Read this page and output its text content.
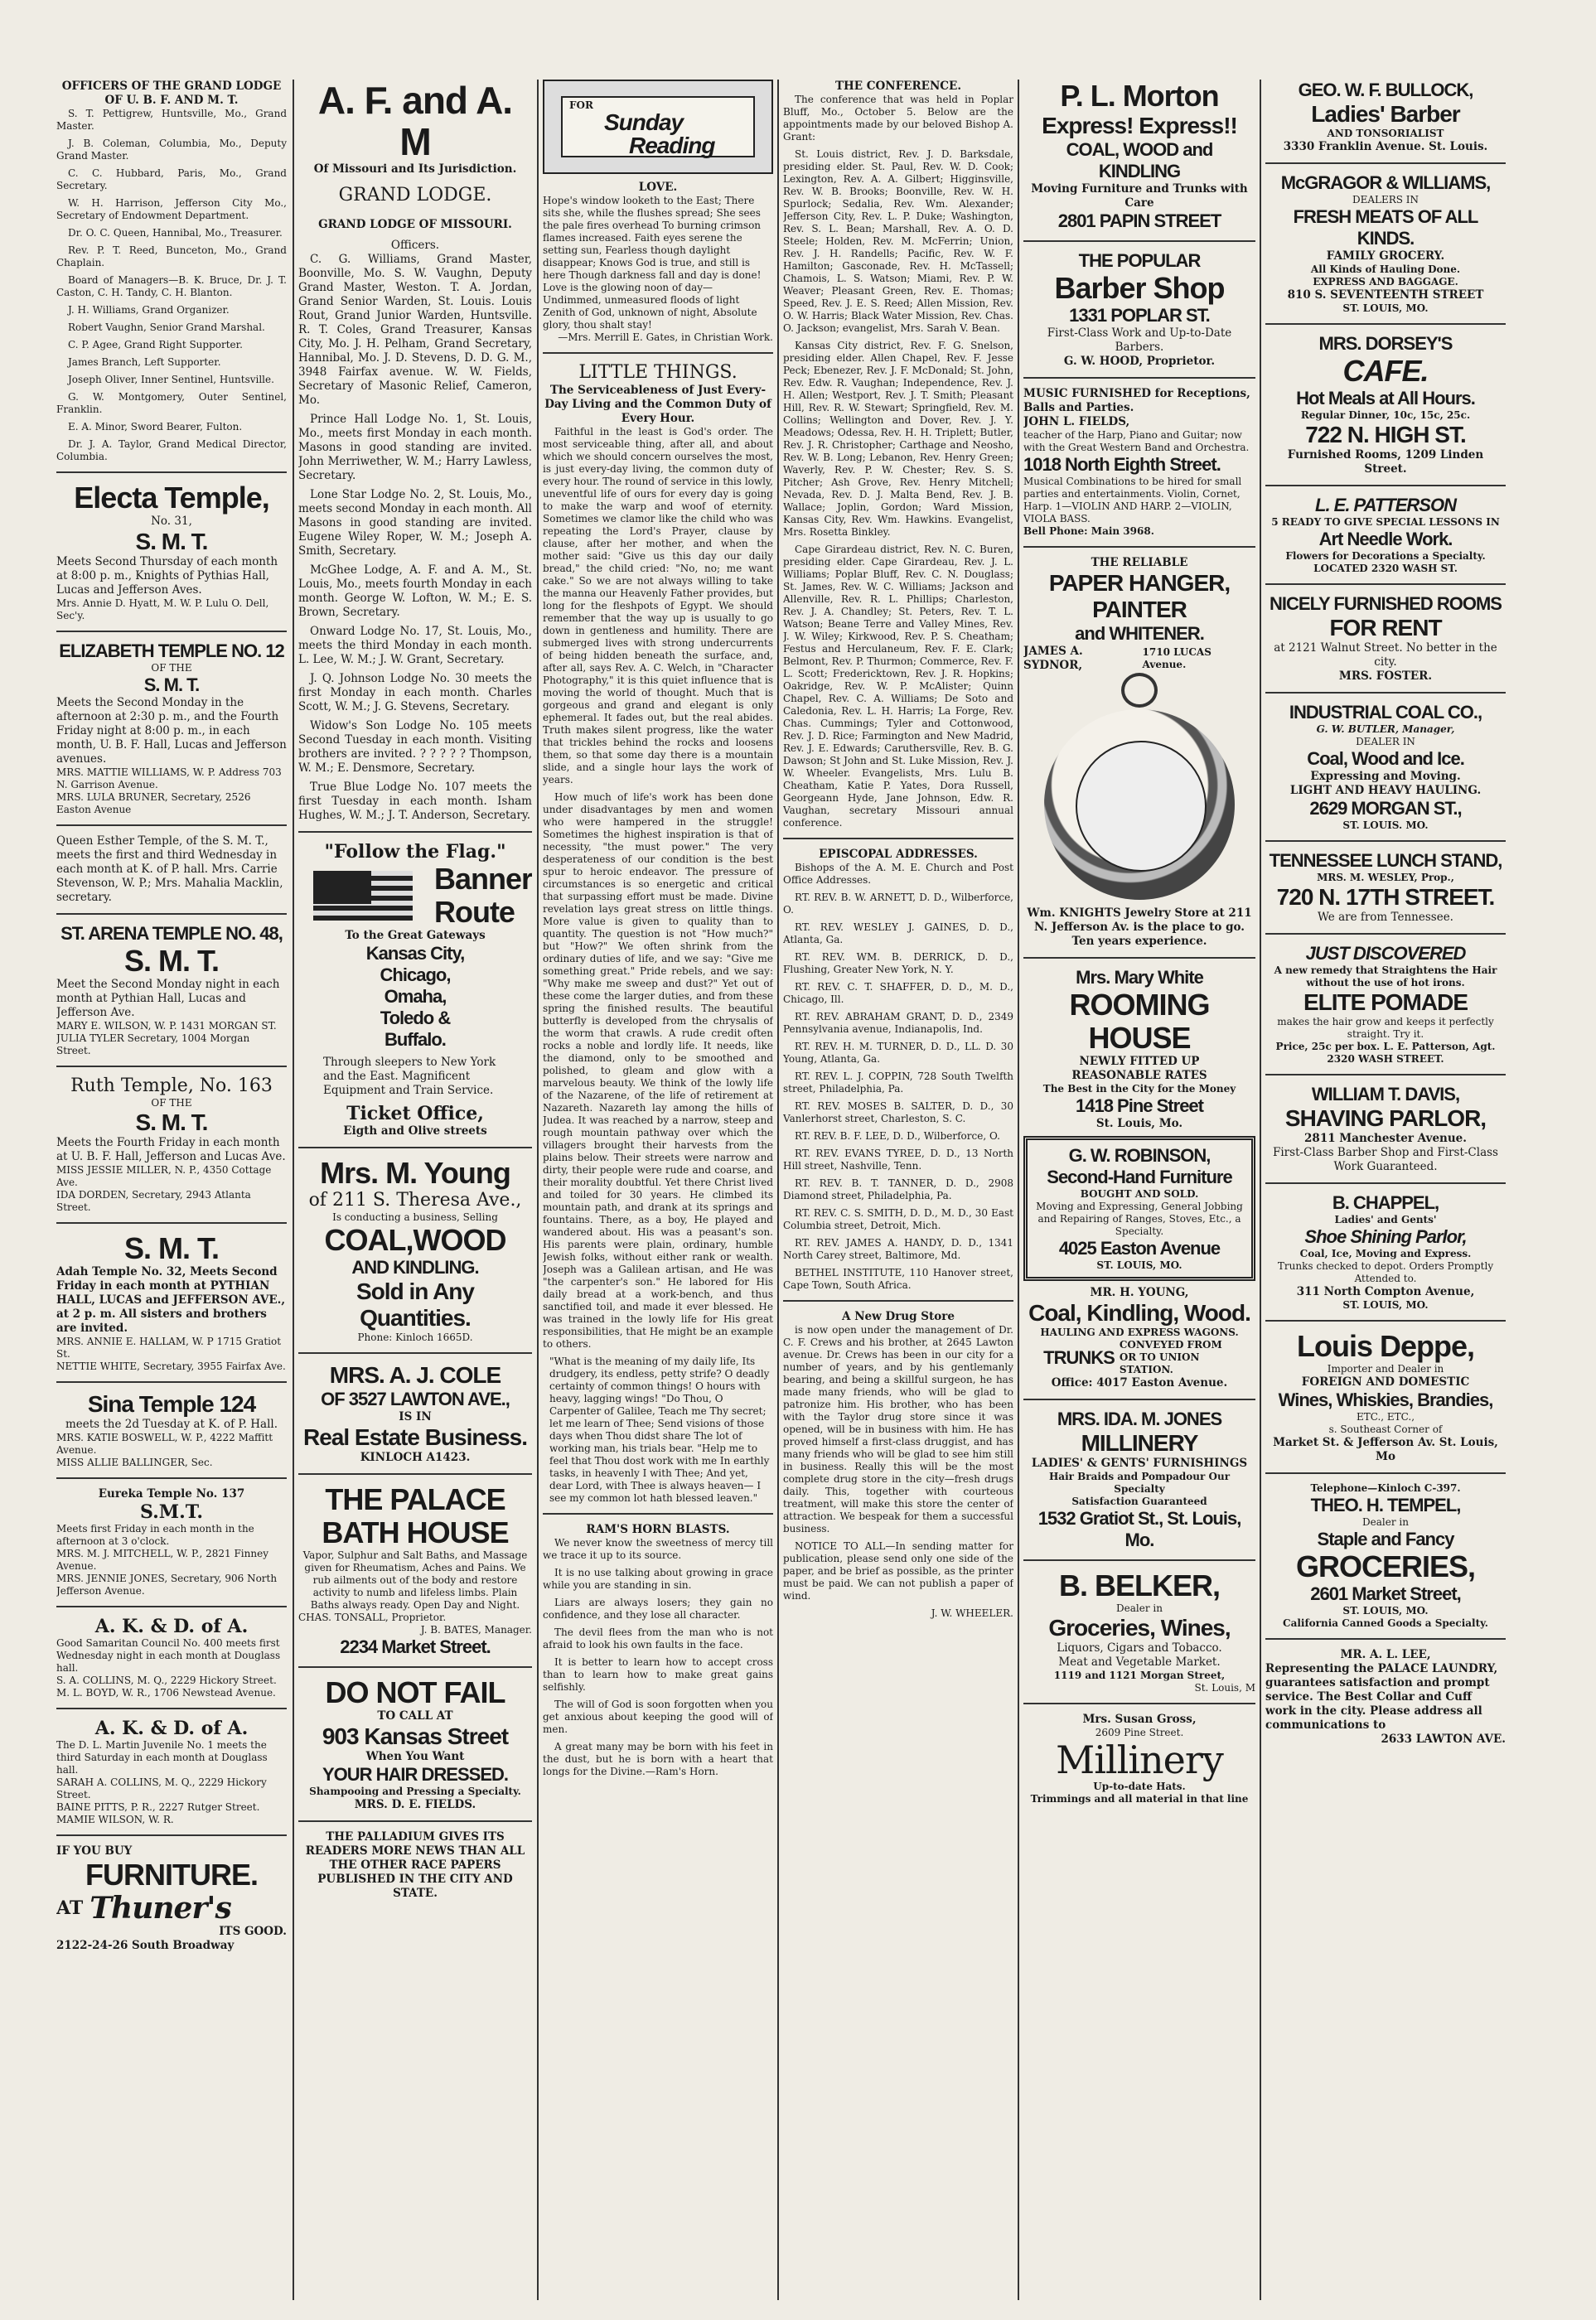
OFFICERS OF THE GRAND LODGE OF U. B. F. AND M. T.
S. T. Pettigrew, Huntsville, Mo., Grand Master.
J. B. Coleman, Columbia, Mo., Deputy Grand Master.
C. C. Hubbard, Paris, Mo., Grand Secretary.
W. H. Harrison, Jefferson City Mo., Secretary of Endowment Department.
Dr. O. C. Queen, Hannibal, Mo., Treasurer.
Rev. P. T. Reed, Bunceton, Mo., Grand Chaplain.
Board of Managers—B. K. Bruce, Dr. J. T. Caston, C. H. Tandy, C. H. Blanton.
J. H. Williams, Grand Organizer.
Robert Vaughn, Senior Grand Marshal.
C. P. Agee, Grand Right Supporter.
James Branch, Left Supporter.
Joseph Oliver, Inner Sentinel, Huntsville.
G. W. Montgomery, Outer Sentinel, Franklin.
E. A. Minor, Sword Bearer, Fulton.
Dr. J. A. Taylor, Grand Medical Director, Columbia.
Electa Temple,
No. 31,
S. M. T.
Meets Second Thursday of each month at 8:00 p. m., Knights of Pythias Hall, Lucas and Jefferson Aves.
Mrs. Annie D. Hyatt, M. W. P. Lulu O. Dell, Sec'y.
ELIZABETH TEMPLE NO. 12
OF THE
S. M. T.
Meets the Second Monday in the afternoon at 2:30 p. m., and the Fourth Friday night at 8:00 p. m., in each month, U. B. F. Hall, Lucas and Jefferson avenues.
MRS. MATTIE WILLIAMS, W. P. Address 703 N. Garrison Avenue.
MRS. LULA BRUNER, Secretary, 2526 Easton Avenue
Queen Esther Temple, of the S. M. T., meets the first and third Wednesday in each month at K. of P. hall. Mrs. Carrie Stevenson, W. P.; Mrs. Mahalia Macklin, secretary.
ST. ARENA TEMPLE NO. 48,
S. M. T.
Meet the Second Monday night in each month at Pythian Hall, Lucas and Jefferson Ave.
MARY E. WILSON, W. P. 1431 MORGAN ST.
JULIA TYLER Secretary, 1004 Morgan Street.
Ruth Temple, No. 163
OF THE
S. M. T.
Meets the Fourth Friday in each month at U. B. F. Hall, Jefferson and Lucas Ave.
MISS JESSIE MILLER, N. P., 4350 Cottage Ave.
IDA DORDEN, Secretary, 2943 Atlanta Street.
S. M. T.
Adah Temple No. 32, Meets Second Friday in each month at PYTHIAN HALL, LUCAS and JEFFERSON AVE., at 2 p. m. All sisters and brothers are invited.
MRS. ANNIE E. HALLAM, W. P 1715 Gratiot St.
NETTIE WHITE, Secretary, 3955 Fairfax Ave.
Sina Temple 124
meets the 2d Tuesday at K. of P. Hall.
MRS. KATIE BOSWELL, W. P., 4222 Maffitt Avenue.
MISS ALLIE BALLINGER, Sec.
Eureka Temple No. 137
S.M.T.
Meets first Friday in each month in the afternoon at 3 o'clock.
MRS. M. J. MITCHELL, W. P., 2821 Finney Avenue.
MRS. JENNIE JONES, Secretary, 906 North Jefferson Avenue.
A. K. & D. of A.
Good Samaritan Council No. 400 meets first Wednesday night in each month at Douglass hall.
S. A. COLLINS, M. Q., 2229 Hickory Street.
M. L. BOYD, W. R., 1706 Newstead Avenue.
A. K. & D. of A.
The D. L. Martin Juvenile No. 1 meets the third Saturday in each month at Douglass hall.
SARAH A. COLLINS, M. Q., 2229 Hickory Street.
BAINE PITTS, P. R., 2227 Rutger Street.
MAMIE WILSON, W. R.
IF YOU BUY
FURNITURE.
AT Thuner's
ITS GOOD.
2122-24-26 South Broadway
A. F. and A. M
Of Missouri and Its Jurisdiction.
GRAND LODGE.
GRAND LODGE OF MISSOURI.
Officers.
C. G. Williams, Grand Master, Boonville, Mo. S. W. Vaughn, Deputy Grand Master, Weston. T. A. Jordan, Grand Senior Warden, St. Louis. Louis Rout, Grand Junior Warden, Huntsville. R. T. Coles, Grand Treasurer, Kansas City, Mo. J. H. Pelham, Grand Secretary, Hannibal, Mo. J. D. Stevens, D. D. G. M., 3948 Fairfax avenue. W. W. Fields, Secretary of Masonic Relief, Cameron, Mo.
Prince Hall Lodge No. 1, St. Louis, Mo., meets first Monday in each month. Masons in good standing are invited. John Merriwether, W. M.; Harry Lawless, Secretary.
Lone Star Lodge No. 2, St. Louis, Mo., meets second Monday in each month. All Masons in good standing are invited. Eugene Wiley Roper, W. M.; Joseph A. Smith, Secretary.
McGhee Lodge, A. F. and A. M., St. Louis, Mo., meets fourth Monday in each month. George W. Lofton, W. M.; E. S. Brown, Secretary.
Onward Lodge No. 17, St. Louis, Mo., meets the third Monday in each month. L. Lee, W. M.; J. W. Grant, Secretary.
J. Q. Johnson Lodge No. 30 meets the first Monday in each month. Charles Scott, W. M.; J. G. Stevens, Secretary.
Widow's Son Lodge No. 105 meets Second Tuesday in each month. Visiting brothers are invited. ? ? ? ? ? Thompson, W. M.; E. Densmore, Secretary.
True Blue Lodge No. 107 meets the first Tuesday in each month. Isham Hughes, W. M.; J. T. Anderson, Secretary.
"Follow the Flag."
Banner
Route
To the Great Gateways
Kansas City,
Chicago,
Omaha,
Toledo &
Buffalo.
Through sleepers to New York and the East. Magnificent Equipment and Train Service.
Ticket Office,
Eigth and Olive streets
Mrs. M. Young
of 211 S. Theresa Ave.,
Is conducting a business, Selling
COAL,WOOD
AND KINDLING.
Sold in Any Quantities.
Phone: Kinloch 1665D.
MRS. A. J. COLE
OF 3527 LAWTON AVE.,
IS IN
Real Estate Business.
KINLOCH A1423.
THE PALACE
BATH HOUSE
Vapor, Sulphur and Salt Baths, and Massage given for Rheumatism, Aches and Pains. We rub ailments out of the body and restore activity to numb and lifeless limbs. Plain Baths always ready. Open Day and Night.
CHAS. TONSALL, Proprietor.
J. B. BATES, Manager.
2234 Market Street.
DO NOT FAIL
TO CALL AT
903 Kansas Street
When You Want
YOUR HAIR DRESSED.
Shampooing and Pressing a Specialty.
MRS. D. E. FIELDS.
THE PALLADIUM GIVES ITS READERS MORE NEWS THAN ALL THE OTHER RACE PAPERS PUBLISHED IN THE CITY AND STATE.
FOR
Sunday
Reading
LOVE.
Hope's window looketh to the East; There sits she, while the flushes spread; She sees the pale fires overhead To burning crimson flames increased. Faith eyes serene the setting sun, Fearless though daylight disappear; Knows God is true, and still is here Though darkness fall and day is done! Love is the glowing noon of day— Undimmed, unmeasured floods of light Zenith of God, unknown of night, Absolute glory, thou shalt stay!
—Mrs. Merrill E. Gates, in Christian Work.
LITTLE THINGS.
The Serviceableness of Just Every-Day Living and the Common Duty of Every Hour.
Faithful in the least is God's order. The most serviceable thing, after all, and about which we should concern ourselves the most, is just every-day living, the common duty of every hour. The round of service in this lowly, uneventful life of ours for every day is going to make the warp and woof of eternity. Sometimes we clamor like the child who was repeating the Lord's Prayer, clause by clause, after her mother, and when the mother said: "Give us this day our daily bread," the child cried: "No, no; me want cake." So we are not always willing to take the manna our Heavenly Father provides, but long for the fleshpots of Egypt. We should remember that the way up is usually to go down in gentleness and humility. There are submerged lives with strong undercurrents of being hidden beneath the surface, and, after all, says Rev. A. C. Welch, in "Character Photography," it is this quiet influence that is moving the world of thought. Much that is gorgeous and grand and elegant is only ephemeral. It fades out, but the real abides. Truth makes silent progress, like the water that trickles behind the rocks and loosens them, so that some day there is a mountain slide, and a single hour lays the work of years.
How much of life's work has been done under disadvantages by men and women who were hampered in the struggle! Sometimes the highest inspiration is that of necessity, "the must power." The very desperateness of our condition is the best spur to heroic endeavor. The pressure of circumstances is so energetic and critical that surpassing effort must be made. Divine revelation lays great stress on little things. More value is given to quality than to quantity. The question is not "How much?" but "How?" We often shrink from the ordinary duties of life, and we say: "Give me something great." Pride rebels, and we say: "Why make me sweep and dust?" Yet out of these come the larger duties, and from these spring the finished results. The beautiful butterfly is developed from the chrysalis of the worm that crawls. A rude credit often rocks a noble and lordly life. It needs, like the diamond, only to be smoothed and polished, to gleam and glow with a marvelous beauty. We think of the lowly life of the Nazarene, of the life of retirement at Nazareth. Nazareth lay among the hills of Judea. It was reached by a narrow, steep and rough mountain pathway over which the villagers brought their harvests from the plains below. Their streets were narrow and dirty, their people were rude and coarse, and their morality doubtful. Yet there Christ lived and toiled for 30 years. He climbed its mountain path, and drank at its springs and fountains. There, as a boy, He played and wandered about. His was a peasant's son. His parents were plain, ordinary, humble Jewish folks, without either rank or wealth. Joseph was a Galilean artisan, and He was "the carpenter's son." He labored for His daily bread at a work-bench, and thus sanctified toil, and made it ever blessed. He was trained in the lowly life for His great responsibilities, that He might be an example to others.
"What is the meaning of my daily life, Its drudgery, its endless, petty strife? O deadly certainty of common things! O hours with heavy, lagging wings! "Do Thou, O Carpenter of Galilee, Teach me Thy secret; let me learn of Thee; Send visions of those days when Thou didst share The lot of working man, his trials bear. "Help me to feel that Thou dost work with me In earthly tasks, in heavenly I with Thee; And yet, dear Lord, with Thee is always heaven— I see my common lot hath blessed leaven."
RAM'S HORN BLASTS.
We never know the sweetness of mercy till we trace it up to its source.
It is no use talking about growing in grace while you are standing in sin.
Liars are always losers; they gain no confidence, and they lose all character.
The devil flees from the man who is not afraid to look his own faults in the face.
It is better to learn how to accept cross than to learn how to make great gains selfishly.
The will of God is soon forgotten when you get anxious about keeping the good will of men.
A great many may be born with his feet in the dust, but he is born with a heart that longs for the Divine.—Ram's Horn.
THE CONFERENCE.
The conference that was held in Poplar Bluff, Mo., October 5. Below are the appointments made by our beloved Bishop A. Grant:
St. Louis district, Rev. J. D. Barksdale, presiding elder. St. Paul, Rev. W. D. Cook; Lexington, Rev. A. A. Gilbert; Higginsville, Rev. W. B. Brooks; Boonville, Rev. W. H. Spurlock; Sedalia, Rev. Wm. Alexander; Jefferson City, Rev. L. P. Duke; Washington, Rev. S. L. Bean; Marshall, Rev. A. O. D. Steele; Holden, Rev. M. McFerrin; Union, Rev. J. H. Randells; Pacific, Rev. W. F. Hamilton; Gasconade, Rev. H. McTassell; Chamois, L. S. Watson; Miami, Rev. P. W. Weaver; Pleasant Green, Rev. E. Thomas; Speed, Rev. J. E. S. Reed; Allen Mission, Rev. O. W. Harris; Black Water Mission, Rev. Chas. O. Jackson; evangelist, Mrs. Sarah V. Bean.
Kansas City district, Rev. F. G. Snelson, presiding elder. Allen Chapel, Rev. F. Jesse Peck; Ebenezer, Rev. J. F. McDonald; St. John, Rev. Edw. R. Vaughan; Independence, Rev. J. H. Allen; Westport, Rev. J. T. Smith; Pleasant Hill, Rev. R. W. Stewart; Springfield, Rev. M. Collins; Wellington and Dover, Rev. J. Y. Meadows; Odessa, Rev. H. H. Triplett; Butler, Rev. J. R. Christopher; Carthage and Neosho, Rev. W. B. Long; Lebanon, Rev. Henry Green; Waverly, Rev. P. W. Chester; Rev. S. S. Pitcher; Ash Grove, Rev. Henry Mitchell; Nevada, Rev. D. J. Malta Bend, Rev. J. B. Wallace; Joplin, Gordon; Ward Mission, Kansas City, Rev. Wm. Hawkins. Evangelist, Mrs. Rosetta Binkley.
Cape Girardeau district, Rev. N. C. Buren, presiding elder. Cape Girardeau, Rev. J. L. Williams; Poplar Bluff, Rev. C. N. Douglass; St. James, Rev. W. C. Williams; Jackson and Allenville, Rev. R. L. Phillips; Charleston, Rev. J. A. Chandley; St. Peters, Rev. T. L. Watson; Beane Terre and Valley Mines, Rev. J. W. Wiley; Kirkwood, Rev. P. S. Cheatham; Festus and Herculaneum, Rev. F. E. Clark; Belmont, Rev. P. Thurmon; Commerce, Rev. F. L. Scott; Fredericktown, Rev. J. R. Hopkins; Oakridge, Rev. W. P. McAlister; Quinn Chapel, Rev. C. A. Williams; De Soto and Caledonia, Rev. L. H. Harris; La Forge, Rev. Chas. Cummings; Tyler and Cottonwood, Rev. J. D. Rice; Farmington and New Madrid, Rev. J. E. Edwards; Caruthersville, Rev. B. G. Dawson; St John and St. Luke Mission, Rev. J. W. Wheeler. Evangelists, Mrs. Lulu B. Cheatham, Katie P. Yates, Dora Russell, Georgeann Hyde, Jane Johnson, Edw. R. Vaughan, secretary Missouri annual conference.
EPISCOPAL ADDRESSES.
Bishops of the A. M. E. Church and Post Office Addresses.
RT. REV. B. W. ARNETT, D. D., Wilberforce, O.
RT. REV. WESLEY J. GAINES, D. D., Atlanta, Ga.
RT. REV. WM. B. DERRICK, D. D., Flushing, Greater New York, N. Y.
RT. REV. C. T. SHAFFER, D. D., M. D., Chicago, Ill.
RT. REV. ABRAHAM GRANT, D. D., 2349 Pennsylvania avenue, Indianapolis, Ind.
RT. REV. H. M. TURNER, D. D., LL. D. 30 Young, Atlanta, Ga.
RT. REV. L. J. COPPIN, 728 South Twelfth street, Philadelphia, Pa.
RT. REV. MOSES B. SALTER, D. D., 30 Vanlerhorst street, Charleston, S. C.
RT. REV. B. F. LEE, D. D., Wilberforce, O.
RT. REV. EVANS TYREE, D. D., 13 North Hill street, Nashville, Tenn.
RT. REV. B. T. TANNER, D. D., 2908 Diamond street, Philadelphia, Pa.
RT. REV. C. S. SMITH, D. D., M. D., 30 East Columbia street, Detroit, Mich.
RT. REV. JAMES A. HANDY, D. D., 1341 North Carey street, Baltimore, Md.
BETHEL INSTITUTE, 110 Hanover street, Cape Town, South Africa.
A New Drug Store
is now open under the management of Dr. C. F. Crews and his brother, at 2645 Lawton avenue. Dr. Crews has been in our city for a number of years, and by his gentlemanly bearing, and being a skillful surgeon, he has made many friends, who will be glad to patronize him. His brother, who has been with the Taylor drug store since it was opened, will be in business with him. He has proved himself a first-class druggist, and has many friends who will be glad to see him still in business. Really this will be the most complete drug store in the city—fresh drugs daily. This, together with courteous treatment, will make this store the center of attraction. We bespeak for them a successful business.
NOTICE TO ALL—In sending matter for publication, please send only one side of the paper, and be brief as possible, as the printer must be paid. We can not publish a paper of wind.
J. W. WHEELER.
P. L. Morton
Express! Express!!
COAL, WOOD and KINDLING
Moving Furniture and Trunks with Care
2801 PAPIN STREET
THE POPULAR
Barber Shop
1331 POPLAR ST.
First-Class Work and Up-to-Date Barbers.
G. W. HOOD, Proprietor.
MUSIC FURNISHED for Receptions, Balls and Parties.
JOHN L. FIELDS,
teacher of the Harp, Piano and Guitar; now with the Great Western Band and Orchestra.
1018 North Eighth Street.
Musical Combinations to be hired for small parties and entertainments. Violin, Cornet, Harp. 1—VIOLIN AND HARP. 2—VIOLIN, VIOLA BASS.
Bell Phone: Main 3968.
THE RELIABLE
PAPER HANGER,
PAINTER
and WHITENER.
JAMES A. SYDNOR,
1710 LUCAS Avenue.
Wm. KNIGHTS Jewelry Store at 211 N. Jefferson Av. is the place to go. Ten years experience.
Mrs. Mary White
ROOMING HOUSE
NEWLY FITTED UP
REASONABLE RATES
The Best in the City for the Money
1418 Pine Street
St. Louis, Mo.
G. W. ROBINSON,
Second-Hand Furniture
BOUGHT AND SOLD.
Moving and Expressing, General Jobbing and Repairing of Ranges, Stoves, Etc., a Specialty.
4025 Easton Avenue
ST. LOUIS, MO.
MR. H. YOUNG,
Coal, Kindling, Wood.
HAULING AND EXPRESS WAGONS.
TRUNKS
CONVEYED FROM OR TO UNION STATION.
Office: 4017 Easton Avenue.
MRS. IDA. M. JONES
MILLINERY
LADIES' & GENTS' FURNISHINGS
Hair Braids and Pompadour Our Specialty
Satisfaction Guaranteed
1532 Gratiot St., St. Louis, Mo.
B. BELKER,
Dealer in
Groceries, Wines,
Liquors, Cigars and Tobacco.
Meat and Vegetable Market.
1119 and 1121 Morgan Street,
St. Louis, M
Mrs. Susan Gross,
2609 Pine Street.
Millinery
Up-to-date Hats.
Trimmings and all material in that line
GEO. W. F. BULLOCK,
Ladies' Barber
AND TONSORIALIST
3330 Franklin Avenue. St. Louis.
McGRAGOR & WILLIAMS,
DEALERS IN
FRESH MEATS OF ALL KINDS.
FAMILY GROCERY.
All Kinds of Hauling Done.
EXPRESS AND BAGGAGE.
810 S. SEVENTEENTH STREET
ST. LOUIS, MO.
MRS. DORSEY'S
CAFE.
Hot Meals at All Hours.
Regular Dinner, 10c, 15c, 25c.
722 N. HIGH ST.
Furnished Rooms, 1209 Linden Street.
L. E. PATTERSON
5 READY TO GIVE SPECIAL LESSONS IN
Art Needle Work.
Flowers for Decorations a Specialty.
LOCATED 2320 WASH ST.
NICELY FURNISHED ROOMS
FOR RENT
at 2121 Walnut Street. No better in the city.
MRS. FOSTER.
INDUSTRIAL COAL CO.,
G. W. BUTLER, Manager,
DEALER IN
Coal, Wood and Ice.
Expressing and Moving.
LIGHT AND HEAVY HAULING.
2629 MORGAN ST.,
ST. LOUIS. MO.
TENNESSEE LUNCH STAND,
MRS. M. WESLEY, Prop.,
720 N. 17TH STREET.
We are from Tennessee.
JUST DISCOVERED
A new remedy that Straightens the Hair without the use of hot irons.
ELITE POMADE
makes the hair grow and keeps it perfectly straight. Try it.
Price, 25c per box. L. E. Patterson, Agt.
2320 WASH STREET.
WILLIAM T. DAVIS,
SHAVING PARLOR,
2811 Manchester Avenue.
First-Class Barber Shop and First-Class Work Guaranteed.
B. CHAPPEL,
Ladies' and Gents'
Shoe Shining Parlor,
Coal, Ice, Moving and Express.
Trunks checked to depot. Orders Promptly Attended to.
311 North Compton Avenue,
ST. LOUIS, MO.
Louis Deppe,
Importer and Dealer in
FOREIGN AND DOMESTIC
Wines, Whiskies, Brandies,
ETC., ETC.,
s. Southeast Corner of
Market St. & Jefferson Av. St. Louis, Mo
Telephone—Kinloch C-397.
THEO. H. TEMPEL,
Dealer in
Staple and Fancy
GROCERIES,
2601 Market Street,
ST. LOUIS, MO.
California Canned Goods a Specialty.
MR. A. L. LEE,
Representing the PALACE LAUNDRY, guarantees satisfaction and prompt service. The Best Collar and Cuff work in the city. Please address all communications to
2633 LAWTON AVE.
